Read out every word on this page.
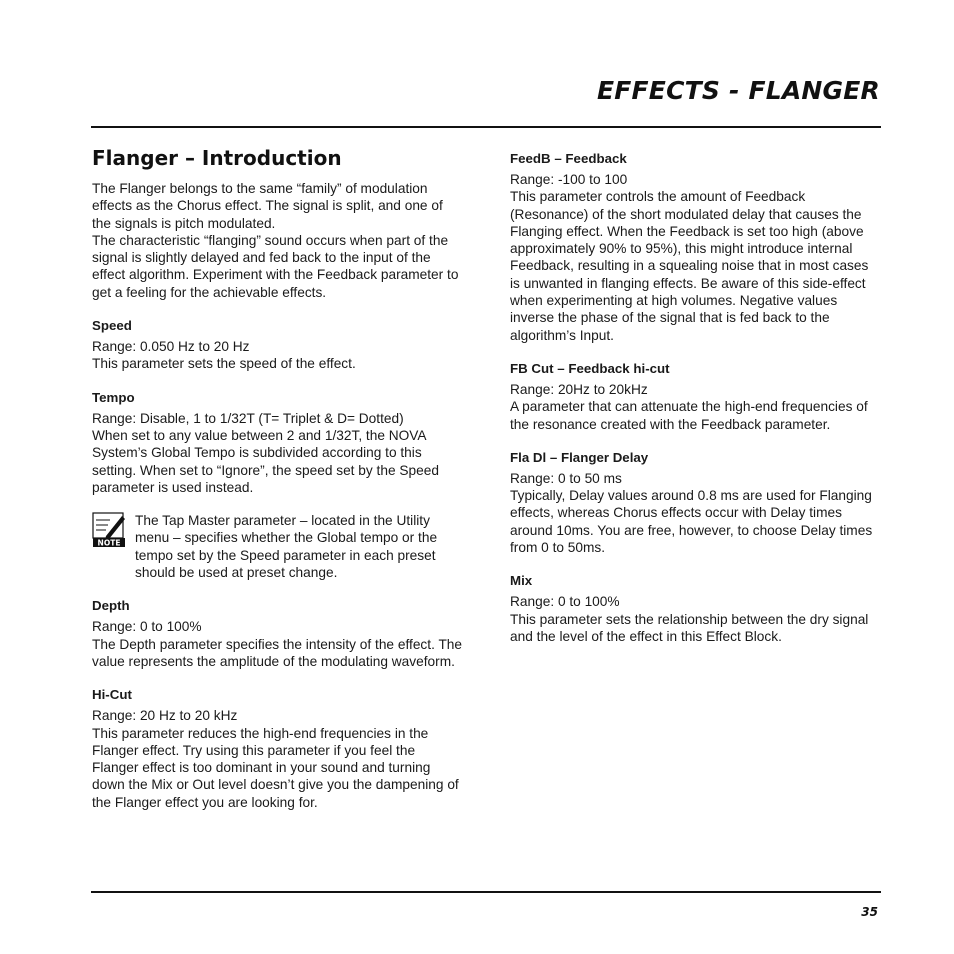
EFFECTS - FLANGER
Flanger – Introduction

The Flanger belongs to the same “family” of modulation effects as the Chorus effect. The signal is split, and one of the signals is pitch modulated.

The characteristic “flanging” sound occurs when part of the signal is slightly delayed and fed back to the input of the effect algorithm. Experiment with the Feedback parameter to get a feeling for the achievable effects.

Speed

Range: 0.050 Hz to 20 Hz

This parameter sets the speed of the effect.

Tempo

Range: Disable, 1 to 1/32T (T= Triplet & D= Dotted)

When set to any value between 2 and 1/32T, the NOVA System’s Global Tempo is subdivided according to this setting. When set to “Ignore”, the speed set by the Speed parameter is used instead.

NOTE

The Tap Master parameter – located in the Utility menu – specifies whether the Global tempo or the tempo set by the Speed parameter in each preset should be used at preset change.

Depth

Range: 0 to 100%

The Depth parameter specifies the intensity of the effect. The value represents the amplitude of the modulating waveform.

Hi-Cut

Range: 20 Hz to 20 kHz

This parameter reduces the high-end frequencies in the Flanger effect. Try using this parameter if you feel the Flanger effect is too dominant in your sound and turning down the Mix or Out level doesn’t give you the dampening of the Flanger effect you are looking for.

FeedB – Feedback

Range: -100 to 100

This parameter controls the amount of Feedback (Resonance) of the short modulated delay that causes the Flanging effect. When the Feedback is set too high (above approximately 90% to 95%), this might introduce internal Feedback, resulting in a squealing noise that in most cases is unwanted in flanging effects. Be aware of this side-effect when experimenting at high volumes. Negative values inverse the phase of the signal that is fed back to the algorithm’s Input.

FB Cut – Feedback hi-cut

Range: 20Hz to 20kHz

A parameter that can attenuate the high-end frequencies of the resonance created with the Feedback parameter.

Fla Dl – Flanger Delay

Range: 0 to 50 ms

Typically, Delay values around 0.8 ms are used for Flanging effects, whereas Chorus effects occur with Delay times around 10ms. You are free, however, to choose Delay times from 0 to 50ms.

Mix

Range: 0 to 100%

This parameter sets the relationship between the dry signal and the level of the effect in this Effect Block.

35
